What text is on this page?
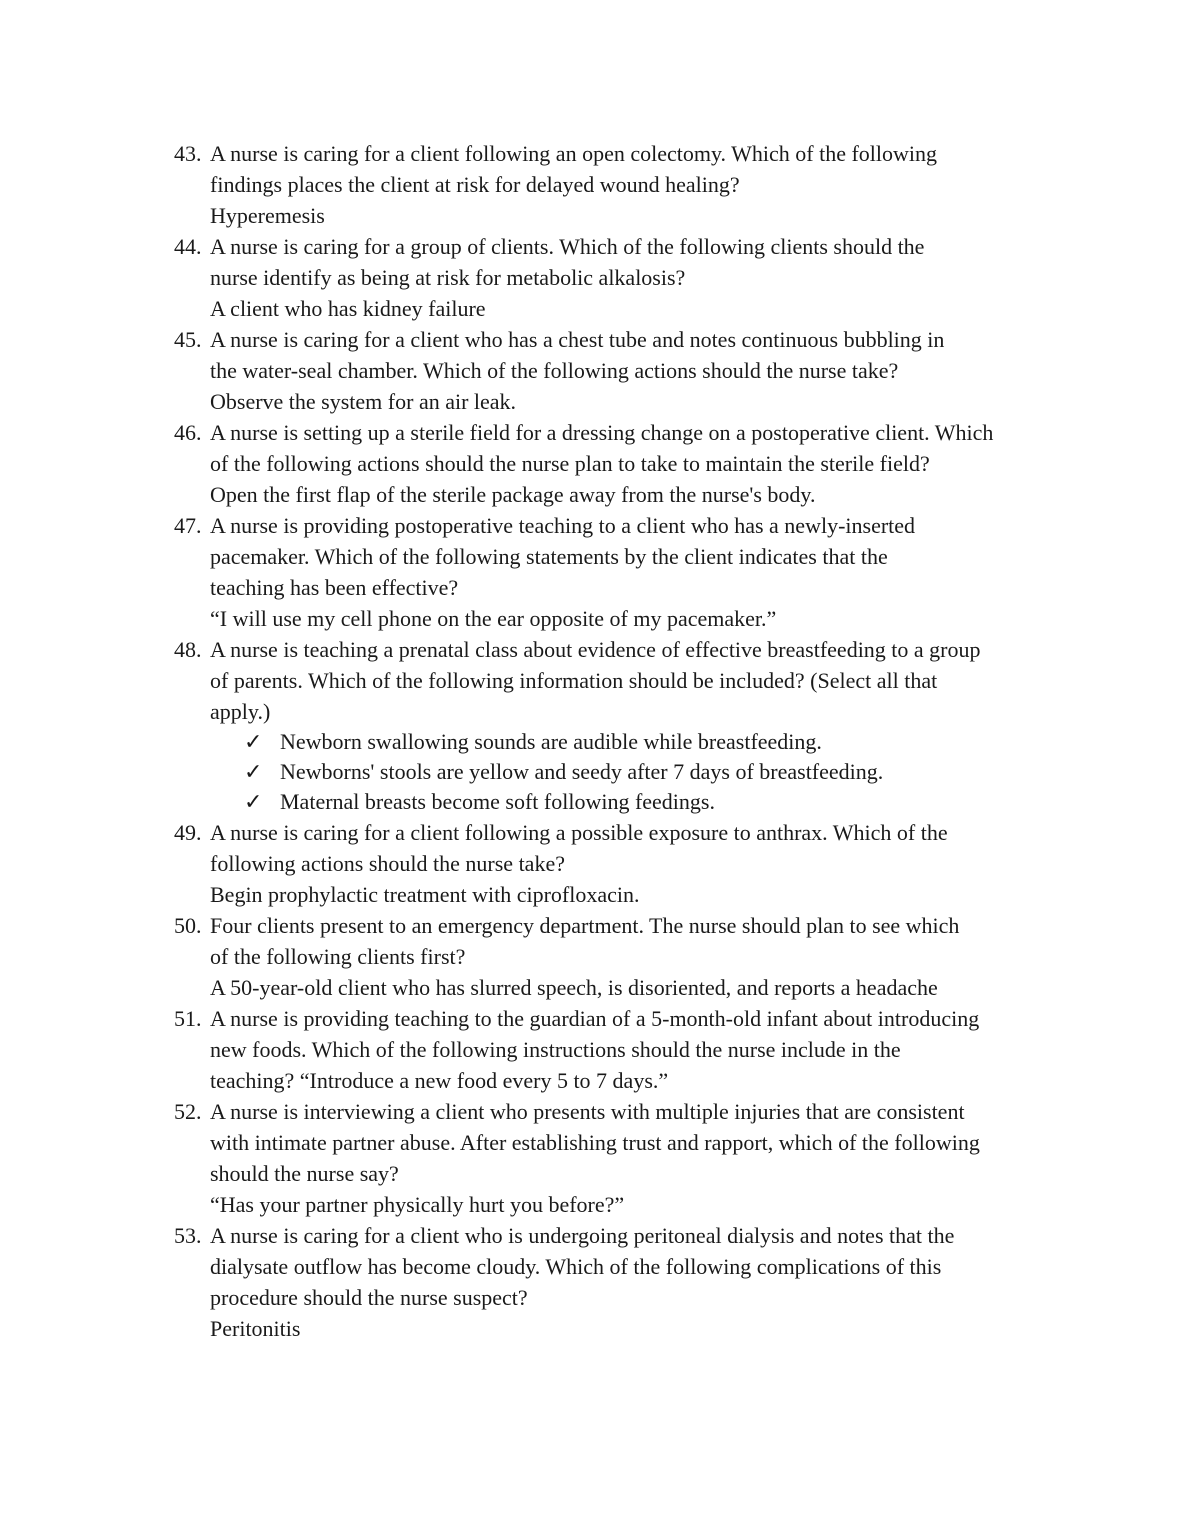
43. A nurse is caring for a client following an open colectomy. Which of the following
findings places the client at risk for delayed wound healing?
Hyperemesis
44. A nurse is caring for a group of clients. Which of the following clients should the
nurse identify as being at risk for metabolic alkalosis?
A client who has kidney failure
45. A nurse is caring for a client who has a chest tube and notes continuous bubbling in
the water-seal chamber. Which of the following actions should the nurse take?
Observe the system for an air leak.
46. A nurse is setting up a sterile field for a dressing change on a postoperative client. Which
of the following actions should the nurse plan to take to maintain the sterile field?
Open the first flap of the sterile package away from the nurse's body.
47. A nurse is providing postoperative teaching to a client who has a newly-inserted
pacemaker. Which of the following statements by the client indicates that the
teaching has been effective?
“I will use my cell phone on the ear opposite of my pacemaker.”
48. A nurse is teaching a prenatal class about evidence of effective breastfeeding to a group
of parents. Which of the following information should be included? (Select all that
apply.)
✓ Newborn swallowing sounds are audible while breastfeeding.
✓ Newborns' stools are yellow and seedy after 7 days of breastfeeding.
✓ Maternal breasts become soft following feedings.
49. A nurse is caring for a client following a possible exposure to anthrax. Which of the
following actions should the nurse take?
Begin prophylactic treatment with ciprofloxacin.
50. Four clients present to an emergency department. The nurse should plan to see which
of the following clients first?
A 50-year-old client who has slurred speech, is disoriented, and reports a headache
51. A nurse is providing teaching to the guardian of a 5-month-old infant about introducing
new foods. Which of the following instructions should the nurse include in the
teaching? “Introduce a new food every 5 to 7 days.”
52. A nurse is interviewing a client who presents with multiple injuries that are consistent
with intimate partner abuse. After establishing trust and rapport, which of the following
should the nurse say?
“Has your partner physically hurt you before?”
53. A nurse is caring for a client who is undergoing peritoneal dialysis and notes that the
dialysate outflow has become cloudy. Which of the following complications of this
procedure should the nurse suspect?
Peritonitis
